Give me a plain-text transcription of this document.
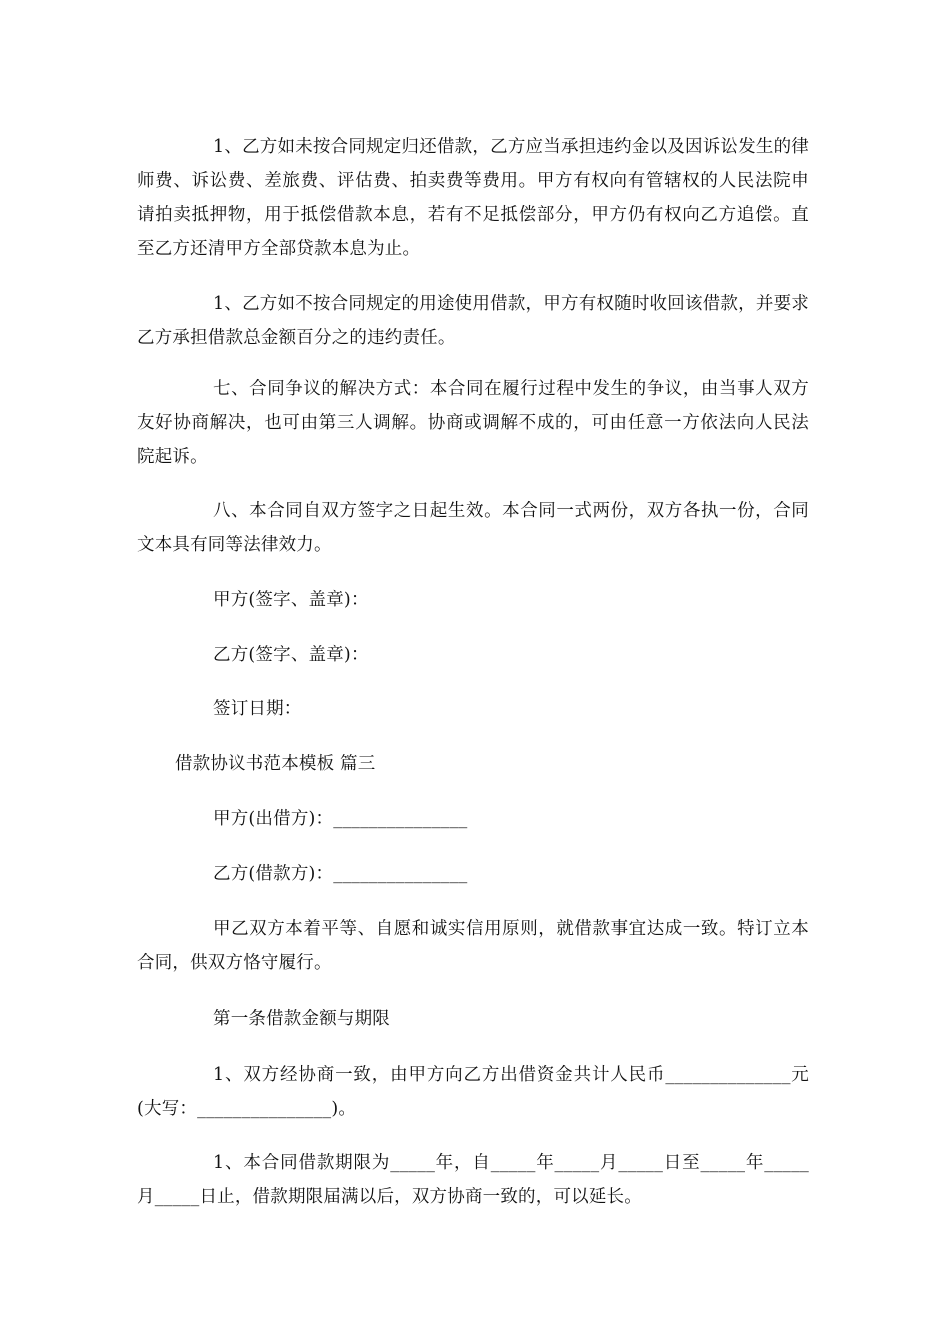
1、乙方如未按合同规定归还借款，乙方应当承担违约金以及因诉讼发生的律师费、诉讼费、差旅费、评估费、拍卖费等费用。甲方有权向有管辖权的人民法院申请拍卖抵押物，用于抵偿借款本息，若有不足抵偿部分，甲方仍有权向乙方追偿。直至乙方还清甲方全部贷款本息为止。

1、乙方如不按合同规定的用途使用借款，甲方有权随时收回该借款，并要求乙方承担借款总金额百分之的违约责任。

七、合同争议的解决方式：本合同在履行过程中发生的争议，由当事人双方友好协商解决，也可由第三人调解。协商或调解不成的，可由任意一方依法向人民法院起诉。

八、本合同自双方签字之日起生效。本合同一式两份，双方各执一份，合同文本具有同等法律效力。

甲方(签字、盖章)：

乙方(签字、盖章)：

签订日期：

借款协议书范本模板 篇三

甲方(出借方)：_______________

乙方(借款方)：_______________

甲乙双方本着平等、自愿和诚实信用原则，就借款事宜达成一致。特订立本合同，供双方恪守履行。

第一条借款金额与期限

1、双方经协商一致，由甲方向乙方出借资金共计人民币______________元(大写：_______________)。

1、本合同借款期限为_____年，自_____年_____月_____日至_____年_____月_____日止，借款期限届满以后，双方协商一致的，可以延长。
